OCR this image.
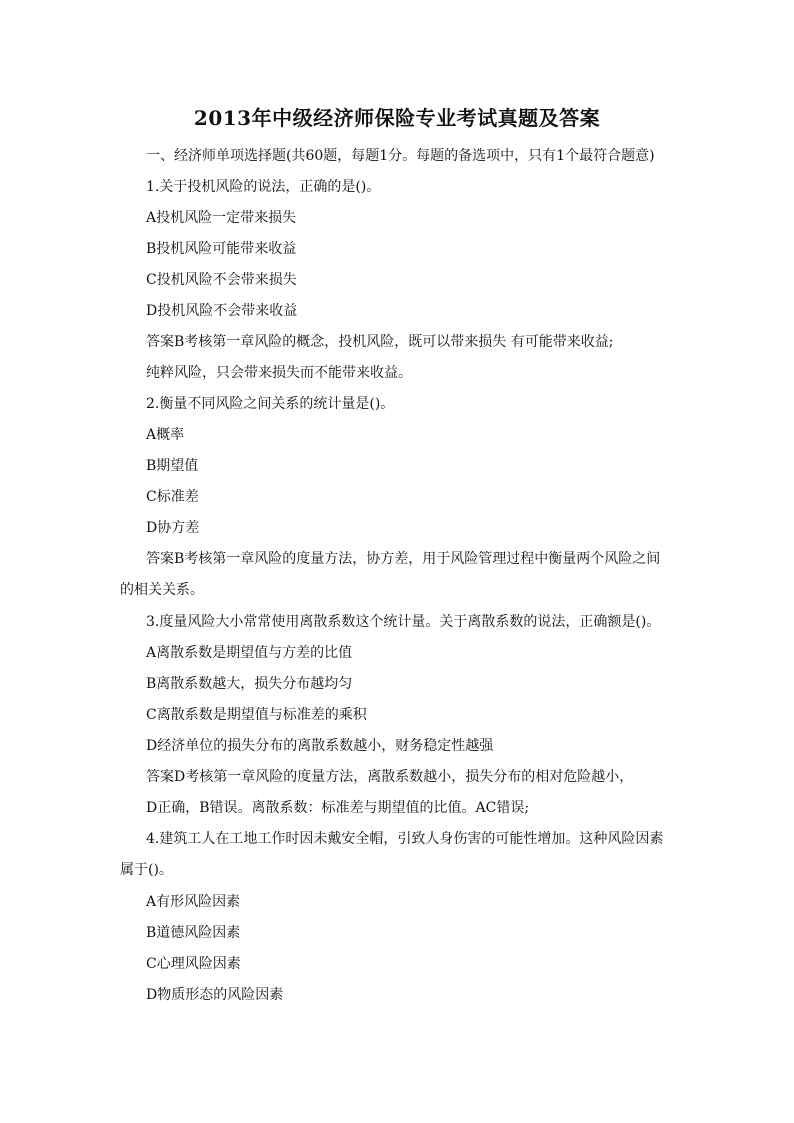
2013年中级经济师保险专业考试真题及答案
一、经济师单项选择题(共60题，每题1分。每题的备选项中，只有1个最符合题意)
1.关于投机风险的说法，正确的是()。
A投机风险一定带来损失
B投机风险可能带来收益
C投机风险不会带来损失
D投机风险不会带来收益
答案B考核第一章风险的概念，投机风险，既可以带来损失 有可能带来收益;
纯粹风险，只会带来损失而不能带来收益。
2.衡量不同风险之间关系的统计量是()。
A概率
B期望值
C标准差
D协方差
答案B考核第一章风险的度量方法，协方差，用于风险管理过程中衡量两个风险之间
的相关关系。
3.度量风险大小常常使用离散系数这个统计量。关于离散系数的说法，正确额是()。
A离散系数是期望值与方差的比值
B离散系数越大，损失分布越均匀
C离散系数是期望值与标准差的乘积
D经济单位的损失分布的离散系数越小，财务稳定性越强
答案D考核第一章风险的度量方法，离散系数越小，损失分布的相对危险越小，
D正确，B错误。离散系数：标准差与期望值的比值。AC错误;
4.建筑工人在工地工作时因未戴安全帽，引致人身伤害的可能性增加。这种风险因素
属于()。
A有形风险因素
B道德风险因素
C心理风险因素
D物质形态的风险因素
